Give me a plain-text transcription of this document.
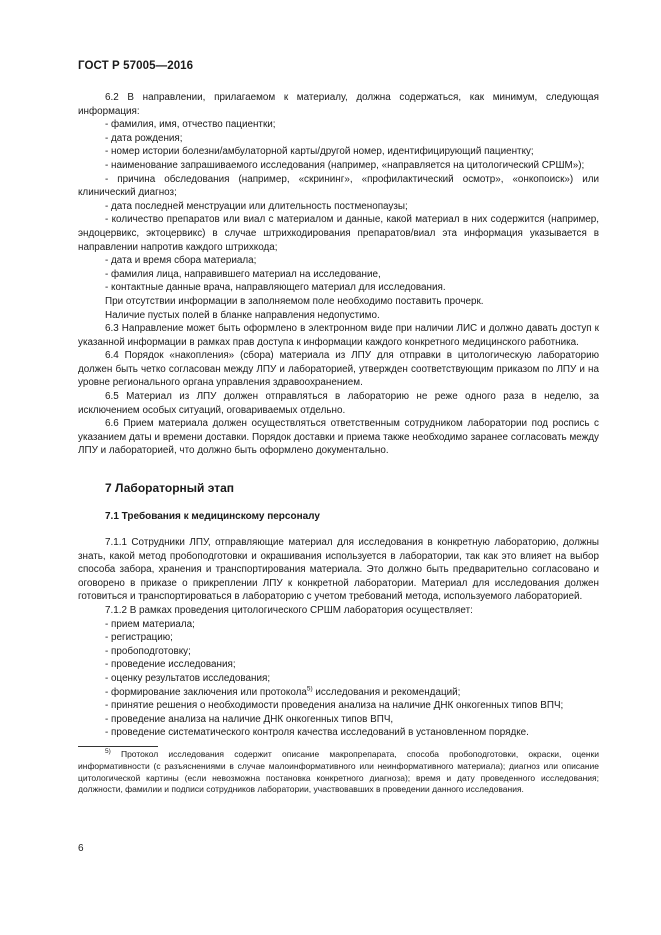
ГОСТ Р 57005—2016

6.2 В направлении, прилагаемом к материалу, должна содержаться, как минимум, следующая информация:

- фамилия, имя, отчество пациентки;

- дата рождения;

- номер истории болезни/амбулаторной карты/другой номер, идентифицирующий пациентку;

- наименование запрашиваемого исследования (например, «направляется на цитологический CPШМ»);

- причина обследования (например, «скрининг», «профилактический осмотр», «онкопоиск») или клинический диагноз;

- дата последней менструации или длительность постменопаузы;

- количество препаратов или виал с материалом и данные, какой материал в них содержится (например, эндоцервикс, эктоцервикс) в случае штрихкодирования препаратов/виал эта информация указывается в направлении напротив каждого штрихкода;

- дата и время сбора материала;

- фамилия лица, направившего материал на исследование,

- контактные данные врача, направляющего материал для исследования.

При отсутствии информации в заполняемом поле необходимо поставить прочерк.

Наличие пустых полей в бланке направления недопустимо.

6.3 Направление может быть оформлено в электронном виде при наличии ЛИС и должно давать доступ к указанной информации в рамках прав доступа к информации каждого конкретного медицинского работника.

6.4 Порядок «накопления» (сбора) материала из ЛПУ для отправки в цитологическую лабораторию должен быть четко согласован между ЛПУ и лабораторией, утвержден соответствующим приказом по ЛПУ и на уровне регионального органа управления здравоохранением.

6.5 Материал из ЛПУ должен отправляться в лабораторию не реже одного раза в неделю, за исключением особых ситуаций, оговариваемых отдельно.

6.6 Прием материала должен осуществляться ответственным сотрудником лаборатории под роспись с указанием даты и времени доставки. Порядок доставки и приема также необходимо заранее согласовать между ЛПУ и лабораторией, что должно быть оформлено документально.

7 Лабораторный этап
7.1 Требования к медицинскому персоналу

7.1.1 Сотрудники ЛПУ, отправляющие материал для исследования в конкретную лабораторию, должны знать, какой метод пробоподготовки и окрашивания используется в лаборатории, так как это влияет на выбор способа забора, хранения и транспортирования материала. Это должно быть предварительно согласовано и оговорено в приказе о прикреплении ЛПУ к конкретной лаборатории. Материал для исследования должен готовиться и транспортироваться в лабораторию с учетом требований метода, используемого лабораторией.

7.1.2 В рамках проведения цитологического CPШМ лаборатория осуществляет:

- прием материала;

- регистрацию;

- пробоподготовку;

- проведение исследования;

- оценку результатов исследования;

- формирование заключения или протокола$^{5)}$ исследования и рекомендаций;

- принятие решения о необходимости проведения анализа на наличие ДНК онкогенных типов ВПЧ;

- проведение анализа на наличие ДНК онкогенных типов ВПЧ,

- проведение систематического контроля качества исследований в установленном порядке.

$^{5)}$ Протокол исследования содержит описание макропрепарата, способа пробоподготовки, окраски, оценки информативности (с разъяснениями в случае малоинформативного или неинформативного материала); диагноз или описание цитологической картины (если невозможна постановка конкретного диагноза); время и дату проведенного исследования; должности, фамилии и подписи сотрудников лаборатории, участвовавших в проведении данного исследования.

6
